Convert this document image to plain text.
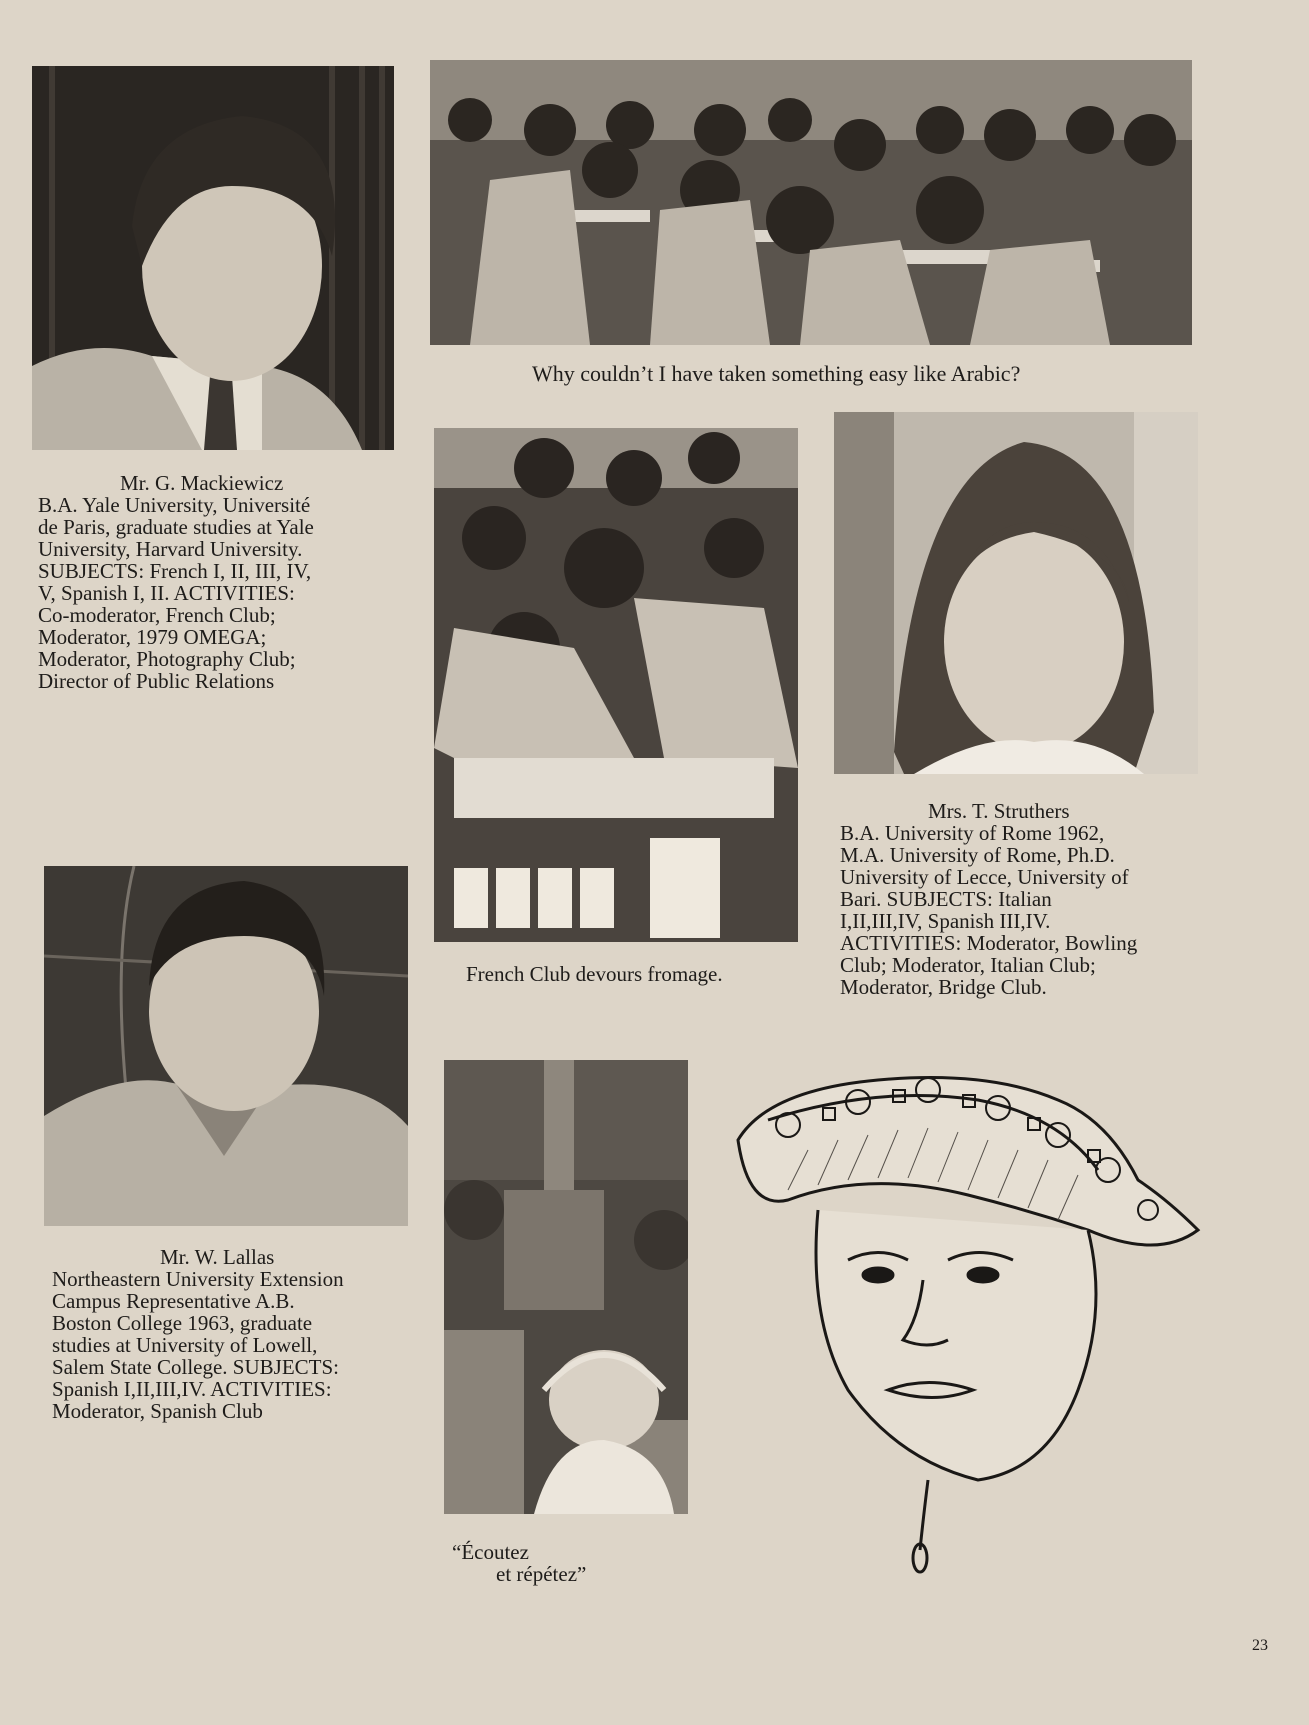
Why couldn’t I have taken something easy like Arabic?
Mr. G. Mackiewicz
B.A. Yale University, Université
de Paris, graduate studies at Yale
University, Harvard University.
SUBJECTS: French I, II, III, IV,
V, Spanish I, II. ACTIVITIES:
Co-moderator, French Club;
Moderator, 1979 OMEGA;
Moderator, Photography Club;
Director of Public Relations
French Club devours fromage.
Mrs. T. Struthers
B.A. University of Rome 1962,
M.A. University of Rome, Ph.D.
University of Lecce, University of
Bari. SUBJECTS: Italian
I,II,III,IV, Spanish III,IV.
ACTIVITIES: Moderator, Bowling
Club; Moderator, Italian Club;
Moderator, Bridge Club.
Mr. W. Lallas
Northeastern University Extension
Campus Representative A.B.
Boston College 1963, graduate
studies at University of Lowell,
Salem State College. SUBJECTS:
Spanish I,II,III,IV. ACTIVITIES:
Moderator, Spanish Club
“Écoutez
et répétez”
23
